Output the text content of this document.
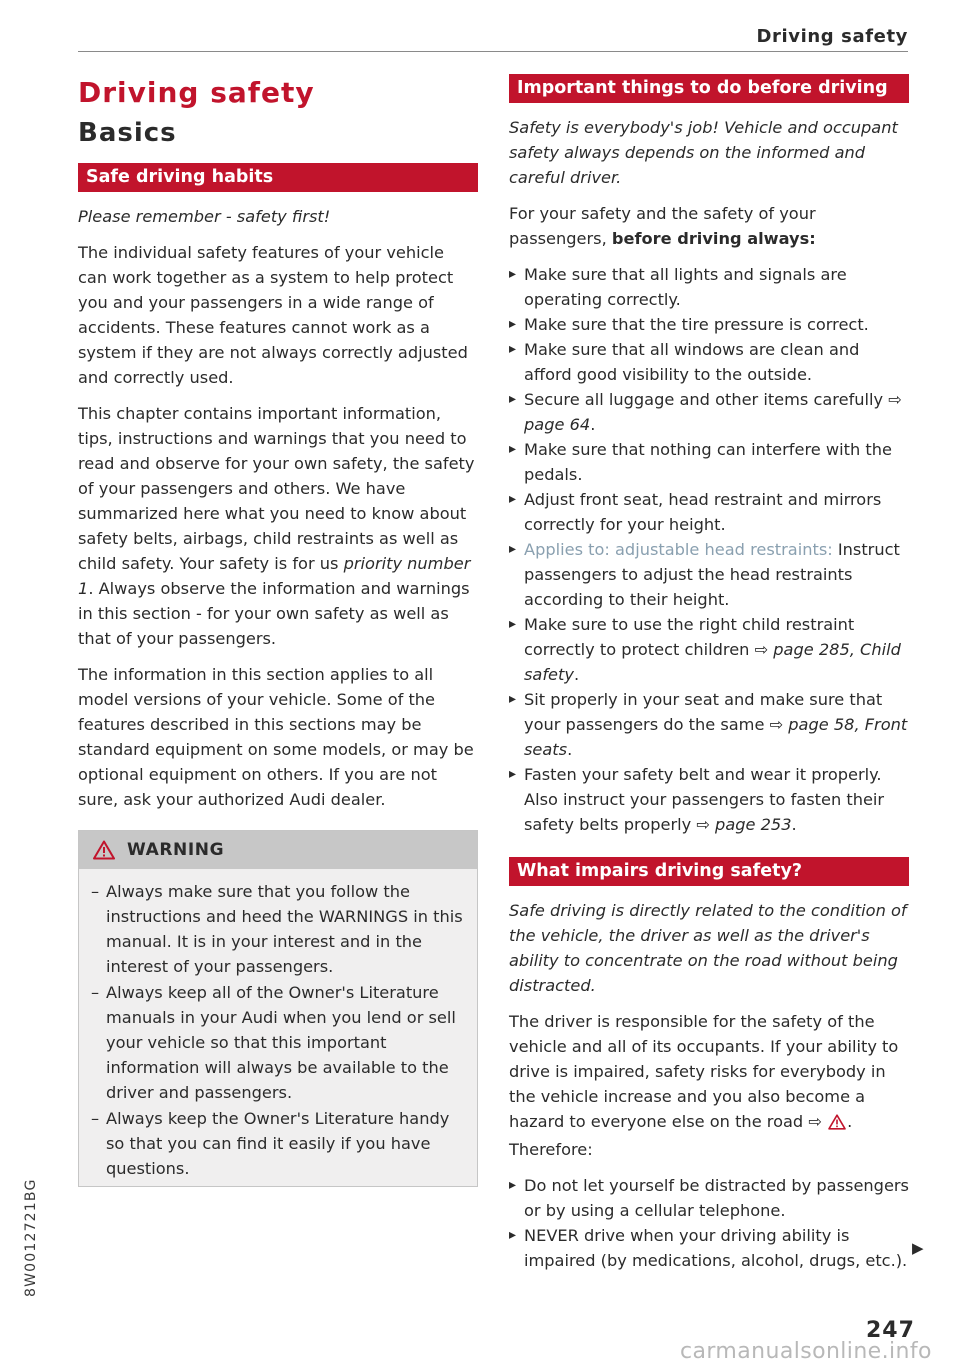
Driving safety
Driving safety
Basics
Safe driving habits

Please remember - safety first!

The individual safety features of your vehicle can work together as a system to help protect you and your passengers in a wide range of accidents. These features cannot work as a system if they are not always correctly adjusted and correctly used.

This chapter contains important information, tips, instructions and warnings that you need to read and observe for your own safety, the safety of your passengers and others. We have summarized here what you need to know about safety belts, airbags, child restraints as well as child safety. Your safety is for us priority number 1. Always observe the information and warnings in this section - for your own safety as well as that of your passengers.

The information in this section applies to all model versions of your vehicle. Some of the features described in this sections may be standard equipment on some models, or may be optional equipment on others. If you are not sure, ask your authorized Audi dealer.

WARNING
– Always make sure that you follow the instructions and heed the WARNINGS in this manual. It is in your interest and in the interest of your passengers.
– Always keep all of the Owner's Literature manuals in your Audi when you lend or sell your vehicle so that this important information will always be available to the driver and passengers.
– Always keep the Owner's Literature handy so that you can find it easily if you have questions.
Important things to do before driving

Safety is everybody's job! Vehicle and occupant safety always depends on the informed and careful driver.

For your safety and the safety of your passengers, before driving always:

▸ Make sure that all lights and signals are operating correctly.
▸ Make sure that the tire pressure is correct.
▸ Make sure that all windows are clean and afford good visibility to the outside.
▸ Secure all luggage and other items carefully ⇨ page 64.
▸ Make sure that nothing can interfere with the pedals.
▸ Adjust front seat, head restraint and mirrors correctly for your height.
▸ Applies to: adjustable head restraints: Instruct passengers to adjust the head restraints according to their height.
▸ Make sure to use the right child restraint correctly to protect children ⇨ page 285, Child safety.
▸ Sit properly in your seat and make sure that your passengers do the same ⇨ page 58, Front seats.
▸ Fasten your safety belt and wear it properly. Also instruct your passengers to fasten their safety belts properly ⇨ page 253.
What impairs driving safety?

Safe driving is directly related to the condition of the vehicle, the driver as well as the driver's ability to concentrate on the road without being distracted.

The driver is responsible for the safety of the vehicle and all of its occupants. If your ability to drive is impaired, safety risks for everybody in the vehicle increase and you also become a hazard to everyone else on the road ⇨ . Therefore:

▸ Do not let yourself be distracted by passengers or by using a cellular telephone.
▸ NEVER drive when your driving ability is impaired (by medications, alcohol, drugs, etc.).
▶
247
8W0012721BG
carmanualsonline.info
